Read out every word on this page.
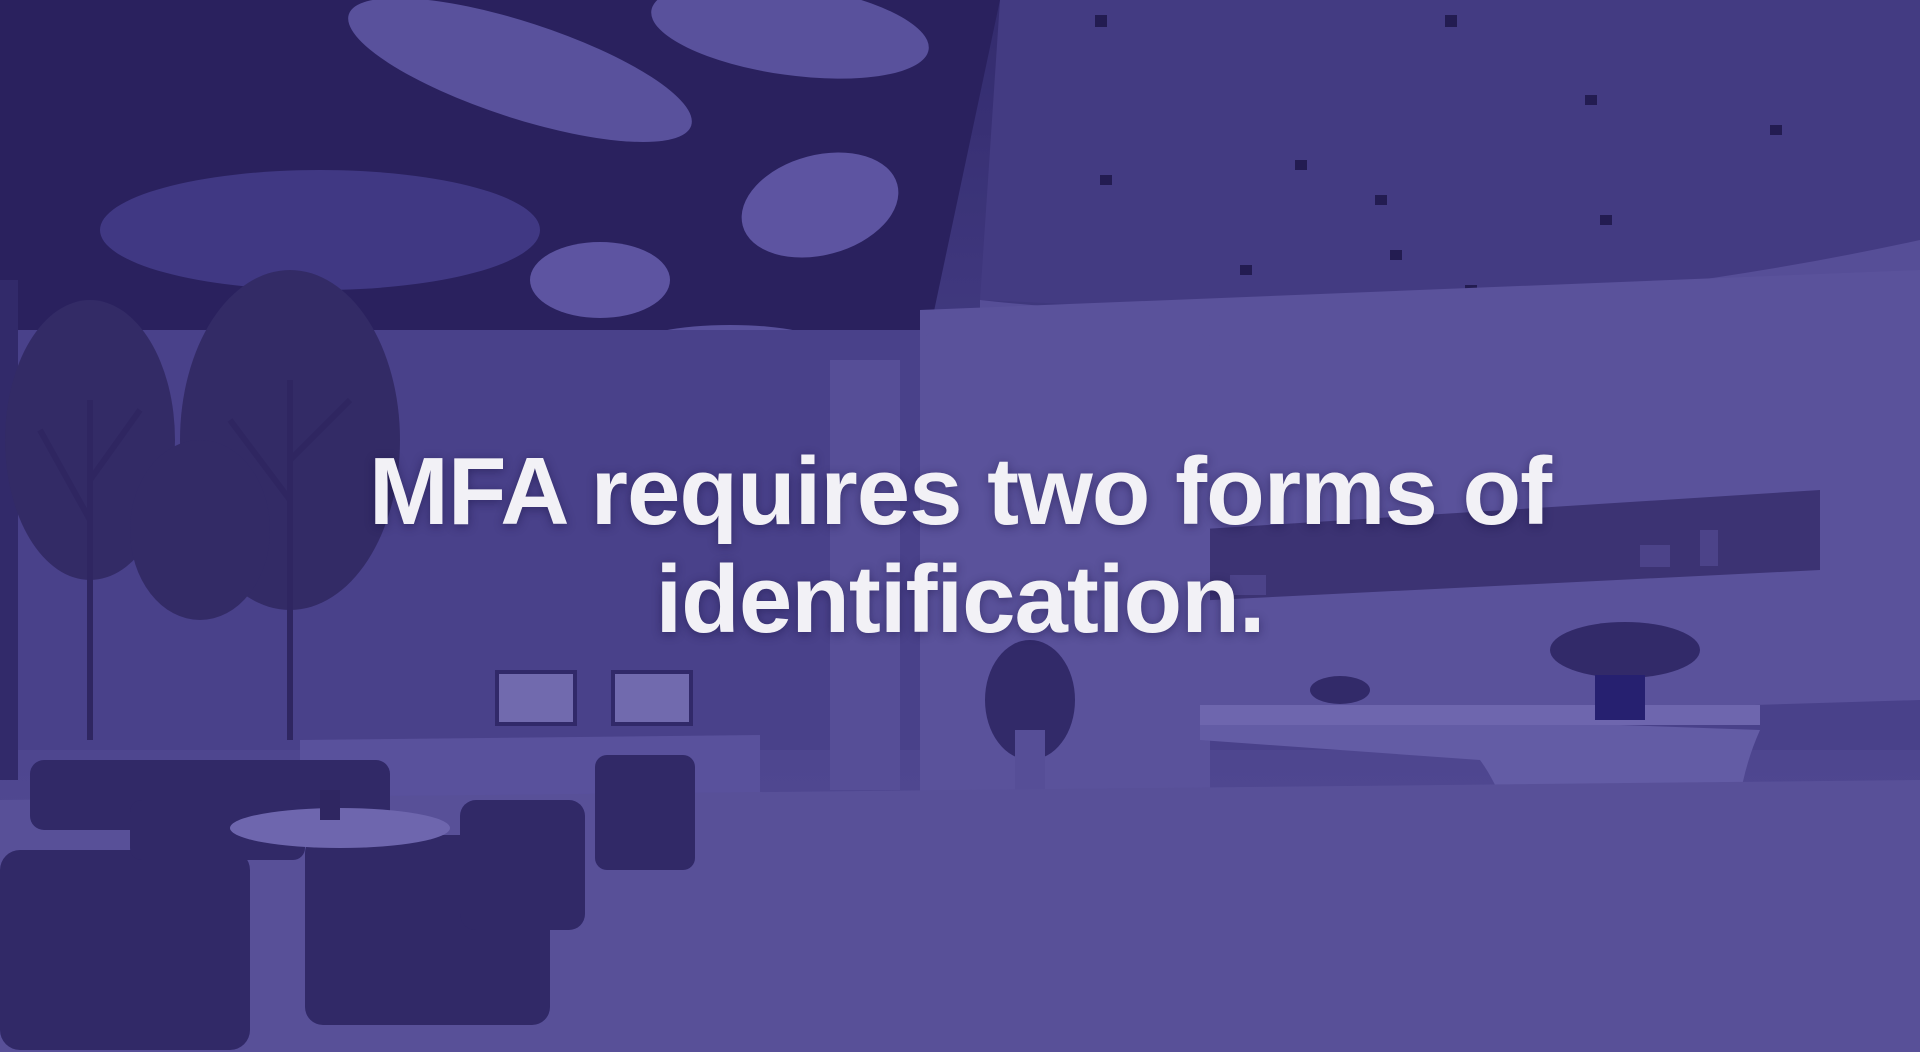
MFA requires two forms of
identification.
